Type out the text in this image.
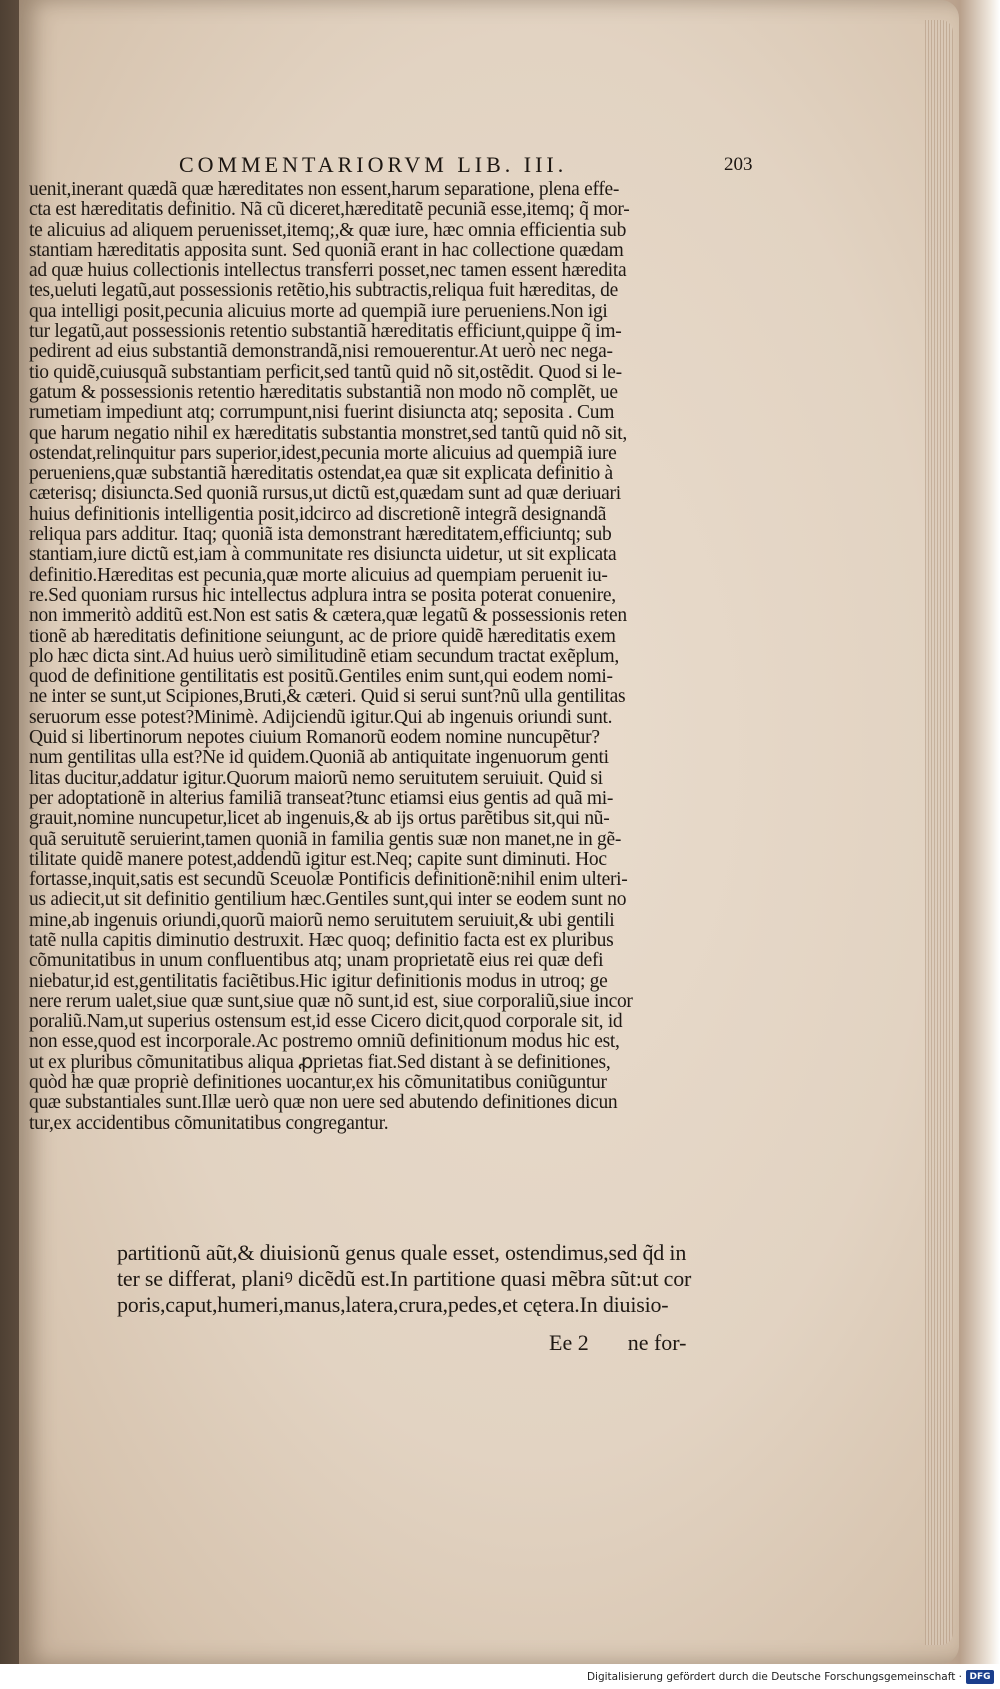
COMMENTARIORVM LIB. III.	203
uenit,inerant quædã quæ hæreditates non essent,harum separatione, plena effe-
cta est hæreditatis definitio. Nã cũ diceret,hæreditatẽ pecuniã esse,itemq; q̃ mor-
te alicuius ad aliquem peruenisset,itemq;,& quæ iure, hæc omnia efficientia sub
stantiam hæreditatis apposita sunt. Sed quoniã erant in hac collectione quædam
ad quæ huius collectionis intellectus transferri posset,nec tamen essent hæredita
tes,ueluti legatũ,aut possessionis retẽtio,his subtractis,reliqua fuit hæreditas, de
qua intelligi posit,pecunia alicuius morte ad quempiã iure perueniens.Non igi
tur legatũ,aut possessionis retentio substantiã hæreditatis efficiunt,quippe q̃ im-
pedirent ad eius substantiã demonstrandã,nisi remouerentur.At uerò nec nega-
tio quidẽ,cuiusquã substantiam perficit,sed tantũ quid nõ sit,ostẽdit. Quod si le-
gatum & possessionis retentio hæreditatis substantiã non modo nõ complẽt, ue
rumetiam impediunt atq; corrumpunt,nisi fuerint disiuncta atq; seposita . Cum
que harum negatio nihil ex hæreditatis substantia monstret,sed tantũ quid nõ sit,
ostendat,relinquitur pars superior,idest,pecunia morte alicuius ad quempiã iure
perueniens,quæ substantiã hæreditatis ostendat,ea quæ sit explicata definitio à
cæterisq; disiuncta.Sed quoniã rursus,ut dictũ est,quædam sunt ad quæ deriuari
huius definitionis intelligentia posit,idcirco ad discretionẽ integrã designandã
reliqua pars additur. Itaq; quoniã ista demonstrant hæreditatem,efficiuntq; sub
stantiam,iure dictũ est,iam à communitate res disiuncta uidetur, ut sit explicata
definitio.Hæreditas est pecunia,quæ morte alicuius ad quempiam peruenit iu-
re.Sed quoniam rursus hic intellectus adplura intra se posita poterat conuenire,
non immeritò additũ est.Non est satis & cætera,quæ legatũ & possessionis reten
tionẽ ab hæreditatis definitione seiungunt, ac de priore quidẽ hæreditatis exem
plo hæc dicta sint.Ad huius uerò similitudinẽ etiam secundum tractat exẽplum,
quod de definitione gentilitatis est positũ.Gentiles enim sunt,qui eodem nomi-
ne inter se sunt,ut Scipiones,Bruti,& cæteri. Quid si serui sunt?nũ ulla gentilitas
seruorum esse potest?Minimè. Adijciendũ igitur.Qui ab ingenuis oriundi sunt.
Quid si libertinorum nepotes ciuium Romanorũ eodem nomine nuncupẽtur?
num gentilitas ulla est?Ne id quidem.Quoniã ab antiquitate ingenuorum genti
litas ducitur,addatur igitur.Quorum maiorũ nemo seruitutem seruiuit. Quid si
per adoptationẽ in alterius familiã transeat?tunc etiamsi eius gentis ad quã mi-
grauit,nomine nuncupetur,licet ab ingenuis,& ab ijs ortus parẽtibus sit,qui nũ-
quã seruitutẽ seruierint,tamen quoniã in familia gentis suæ non manet,ne in gẽ-
tilitate quidẽ manere potest,addendũ igitur est.Neq; capite sunt diminuti. Hoc
fortasse,inquit,satis est secundũ Sceuolæ Pontificis definitionẽ:nihil enim ulteri-
us adiecit,ut sit definitio gentilium hæc.Gentiles sunt,qui inter se eodem sunt no
mine,ab ingenuis oriundi,quorũ maiorũ nemo seruitutem seruiuit,& ubi gentili
tatẽ nulla capitis diminutio destruxit. Hæc quoq; definitio facta est ex pluribus
cõmunitatibus in unum confluentibus atq; unam proprietatẽ eius rei quæ defi
niebatur,id est,gentilitatis faciẽtibus.Hic igitur definitionis modus in utroq; ge
nere rerum ualet,siue quæ sunt,siue quæ nõ sunt,id est, siue corporaliũ,siue incor
poraliũ.Nam,ut superius ostensum est,id esse Cicero dicit,quod corporale sit, id
non esse,quod est incorporale.Ac postremo omniũ definitionum modus hic est,
ut ex pluribus cõmunitatibus aliqua ꝓprietas fiat.Sed distant à se definitiones,
quòd hæ quæ propriè definitiones uocantur,ex his cõmunitatibus coniũguntur
quæ substantiales sunt.Illæ uerò quæ non uere sed abutendo definitiones dicun
tur,ex accidentibus cõmunitatibus congregantur.
partitionũ aũt,& diuisionũ genus quale esset, ostendimus,sed q̃d in
ter se differat, planiꝰ dicẽdũ est.In partitione quasi mẽbra sũt:ut cor
poris,caput,humeri,manus,latera,crura,pedes,et cętera.In diuisio-
Ee 2 ne for-
Digitalisierung gefördert durch die Deutsche Forschungsgemeinschaft · DFG
